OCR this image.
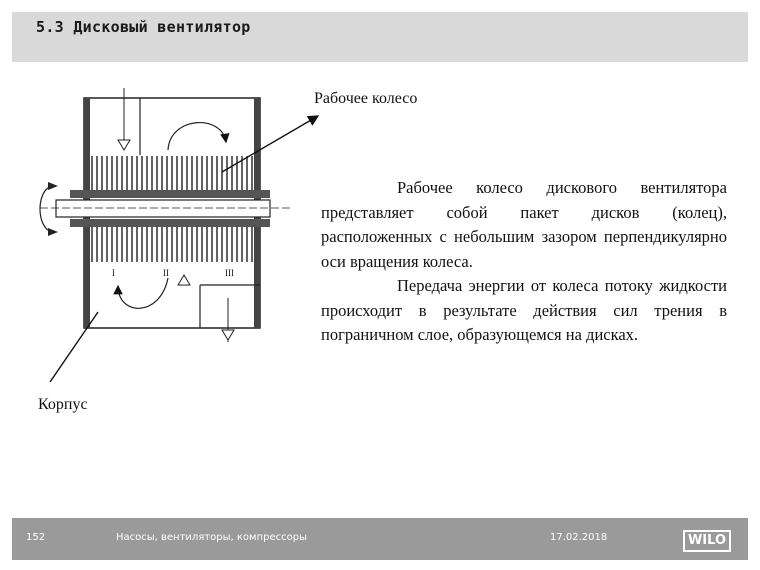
5.3 Дисковый вентилятор
I	II	III
Рабочее колесо
Корпус

Рабочее колесо дискового вентилятора представляет собой пакет дисков (колец), расположенных с небольшим зазором перпендикулярно оси вращения колеса.

Передача энергии от колеса потоку жидкости происходит в результате действия сил трения в пограничном слое, образующемся на дисках.

152	Насосы, вентиляторы, компрессоры	17.02.2018	WILO
